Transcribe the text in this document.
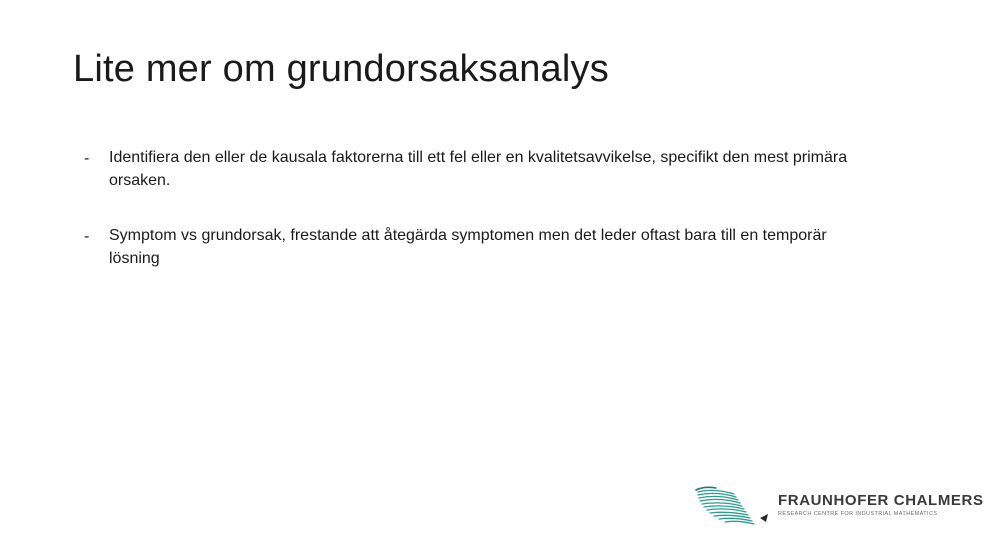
Lite mer om grundorsaksanalys
- Identifiera den eller de kausala faktorerna till ett fel eller en kvalitetsavvikelse, specifikt den mest primära orsaken.
- Symptom vs grundorsak, frestande att åtegärda symptomen men det leder oftast bara till en temporär lösning
FRAUNHOFER CHALMERS
RESEARCH CENTRE FOR INDUSTRIAL MATHEMATICS
